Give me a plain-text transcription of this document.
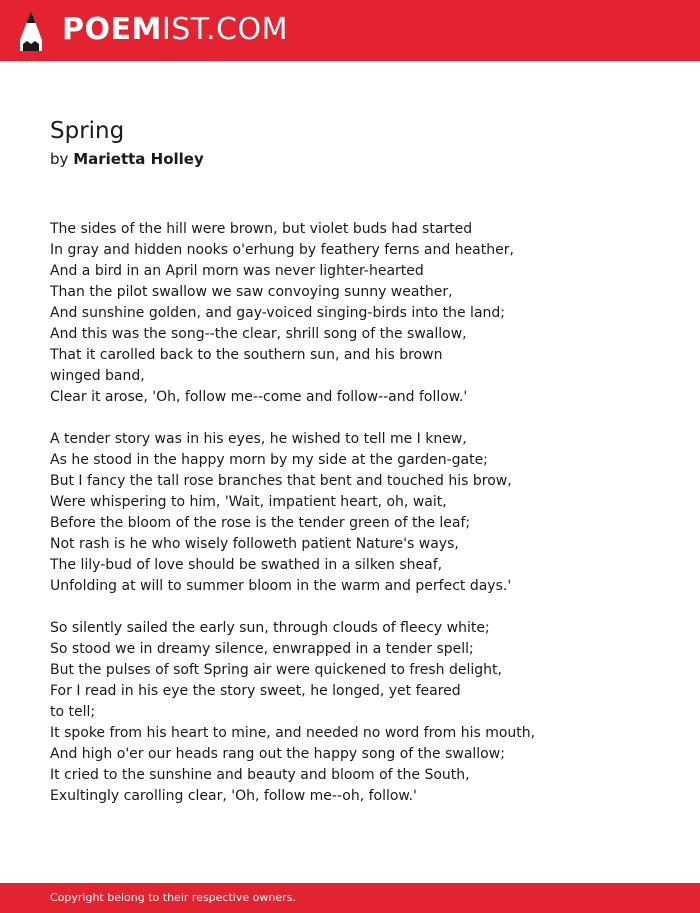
POEMIST.COM
Spring
by Marietta Holley
The sides of the hill were brown, but violet buds had started
In gray and hidden nooks o'erhung by feathery ferns and heather,
And a bird in an April morn was never lighter-hearted
Than the pilot swallow we saw convoying sunny weather,
And sunshine golden, and gay-voiced singing-birds into the land;
And this was the song--the clear, shrill song of the swallow,
That it carolled back to the southern sun, and his brown
winged band,
Clear it arose, 'Oh, follow me--come and follow--and follow.'
A tender story was in his eyes, he wished to tell me I knew,
As he stood in the happy morn by my side at the garden-gate;
But I fancy the tall rose branches that bent and touched his brow,
Were whispering to him, 'Wait, impatient heart, oh, wait,
Before the bloom of the rose is the tender green of the leaf;
Not rash is he who wisely followeth patient Nature's ways,
The lily-bud of love should be swathed in a silken sheaf,
Unfolding at will to summer bloom in the warm and perfect days.'
So silently sailed the early sun, through clouds of fleecy white;
So stood we in dreamy silence, enwrapped in a tender spell;
But the pulses of soft Spring air were quickened to fresh delight,
For I read in his eye the story sweet, he longed, yet feared
to tell;
It spoke from his heart to mine, and needed no word from his mouth,
And high o'er our heads rang out the happy song of the swallow;
It cried to the sunshine and beauty and bloom of the South,
Exultingly carolling clear, 'Oh, follow me--oh, follow.'
Copyright belong to their respective owners.
